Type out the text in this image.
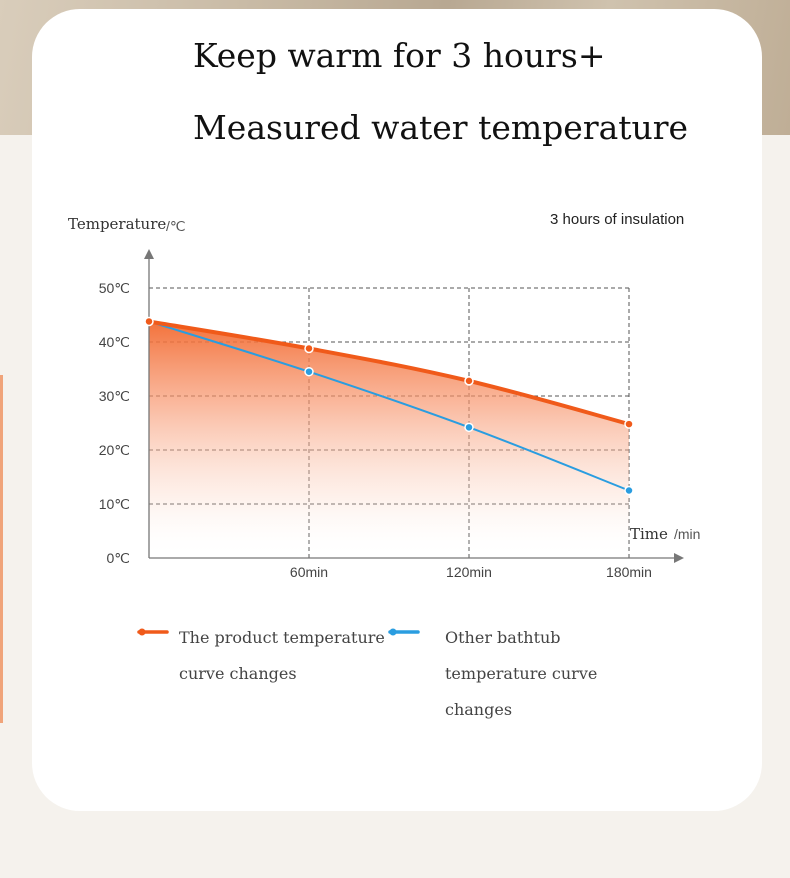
Keep warm for 3 hours+
Measured water temperature
3 hours of insulation
Temperature /℃
Time /min
0℃
10℃
20℃
30℃
40℃
50℃
60min	120min	180min
The product temperature curve changes
Other bathtub temperature curve changes
